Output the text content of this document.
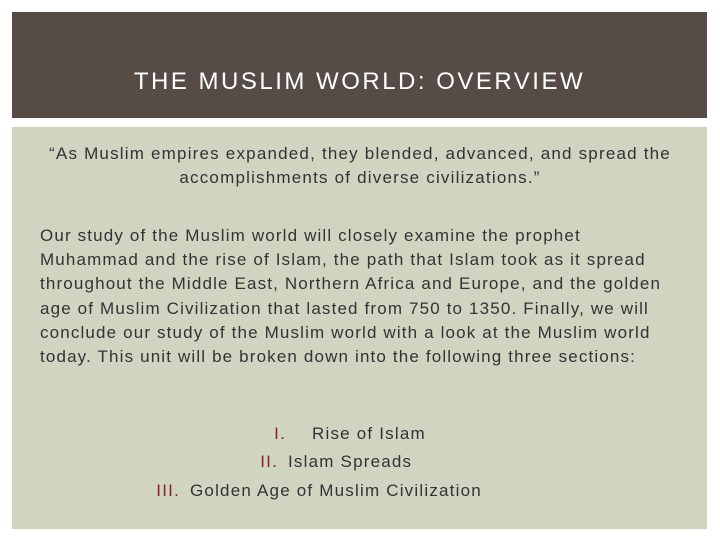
THE MUSLIM WORLD: OVERVIEW
“As Muslim empires expanded, they blended, advanced, and spread the accomplishments of diverse civilizations.”
Our study of the Muslim world will closely examine the prophet Muhammad and the rise of Islam, the path that Islam took as it spread throughout the Middle East, Northern Africa and Europe, and the golden age of Muslim Civilization that lasted from 750 to 1350. Finally, we will conclude our study of the Muslim world with a look at the Muslim world today. This unit will be broken down into the following three sections:
I. Rise of Islam
II. Islam Spreads
III. Golden Age of Muslim Civilization
